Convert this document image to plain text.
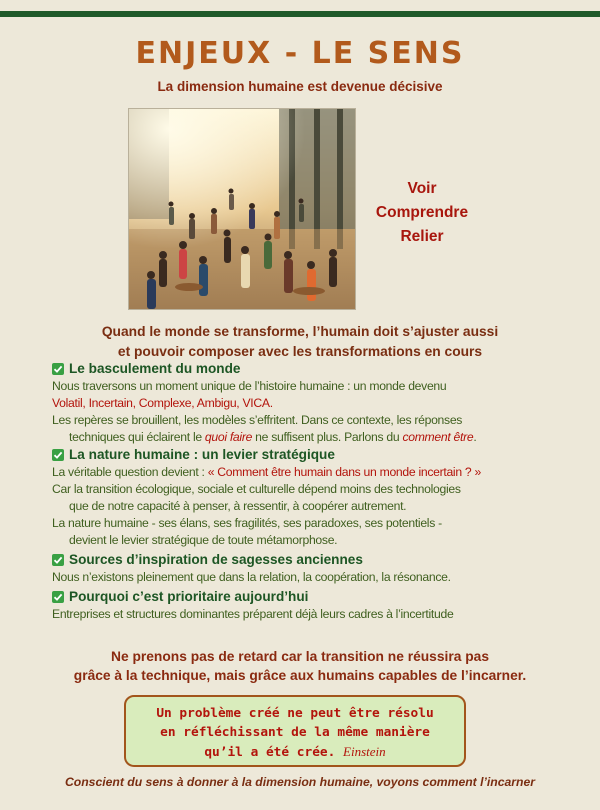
ENJEUX - LE SENS
La dimension humaine est devenue décisive
Voir
Comprendre
Relier
Quand le monde se transforme, l’humain doit s’ajuster aussi
et pouvoir composer avec les transformations en cours
Le basculement du monde

Nous traversons un moment unique de l’histoire humaine : un monde devenu
Volatil, Incertain, Complexe, Ambigu, VICA.

Les repères se brouillent, les modèles s’effritent. Dans ce contexte, les réponses
techniques qui éclairent le quoi faire ne suffisent plus. Parlons du comment être.

La nature humaine : un levier stratégique

La véritable question devient : « Comment être humain dans un monde incertain ? »

Car la transition écologique, sociale et culturelle dépend moins des technologies
que de notre capacité à penser, à ressentir, à coopérer autrement.

La nature humaine - ses élans, ses fragilités, ses paradoxes, ses potentiels -
devient le levier stratégique de toute métamorphose.

Sources d’inspiration de sagesses anciennes

Nous n’existons pleinement que dans la relation, la coopération, la résonance.

Pourquoi c’est prioritaire aujourd’hui

Entreprises et structures dominantes préparent déjà leurs cadres à l’incertitude

Ne prenons pas de retard car la transition ne réussira pas
grâce à la technique, mais grâce aux humains capables de l’incarner.
Un problème créé ne peut être résolu
en réfléchissant de la même manière
qu’il a été crée. Einstein
Conscient du sens à donner à la dimension humaine, voyons comment l’incarner
